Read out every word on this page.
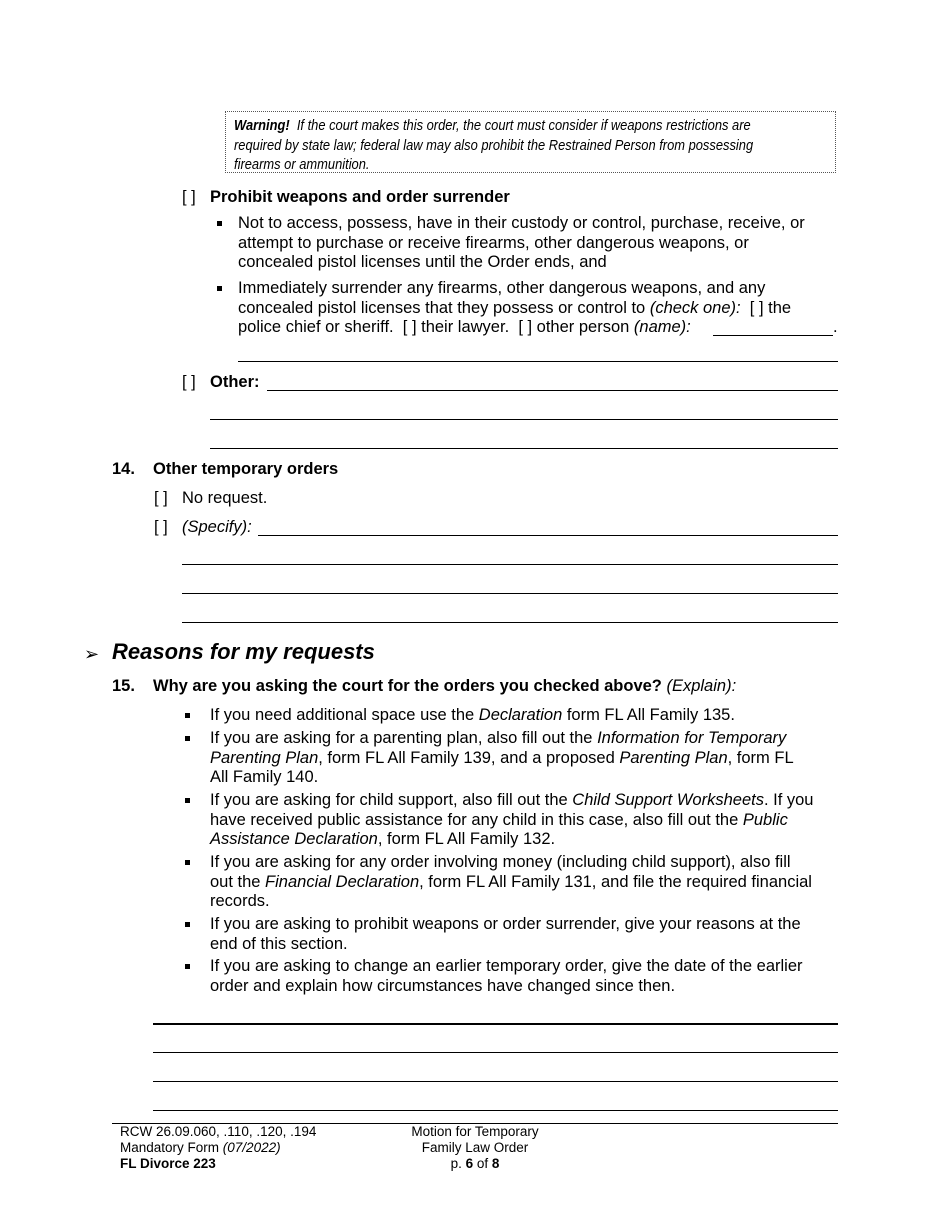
Warning! If the court makes this order, the court must consider if weapons restrictions are
required by state law; federal law may also prohibit the Restrained Person from possessing
firearms or ammunition.
[ ] Prohibit weapons and order surrender
Not to access, possess, have in their custody or control, purchase, receive, or
attempt to purchase or receive firearms, other dangerous weapons, or
concealed pistol licenses until the Order ends, and
Immediately surrender any firearms, other dangerous weapons, and any
concealed pistol licenses that they possess or control to (check one): [ ] the
police chief or sheriff. [ ] their lawyer. [ ] other person (name):	.
[ ] Other:
14. Other temporary orders
[ ] No request.
[ ] (Specify):
➢ Reasons for my requests
15. Why are you asking the court for the orders you checked above? (Explain):
If you need additional space use the Declaration form FL All Family 135.
If you are asking for a parenting plan, also fill out the Information for Temporary
Parenting Plan, form FL All Family 139, and a proposed Parenting Plan, form FL
All Family 140.
If you are asking for child support, also fill out the Child Support Worksheets. If you
have received public assistance for any child in this case, also fill out the Public
Assistance Declaration, form FL All Family 132.
If you are asking for any order involving money (including child support), also fill
out the Financial Declaration, form FL All Family 131, and file the required financial
records.
If you are asking to prohibit weapons or order surrender, give your reasons at the
end of this section.
If you are asking to change an earlier temporary order, give the date of the earlier
order and explain how circumstances have changed since then.
RCW 26.09.060, .110, .120, .194
Mandatory Form (07/2022)
FL Divorce 223
Motion for Temporary
Family Law Order
p. 6 of 8
